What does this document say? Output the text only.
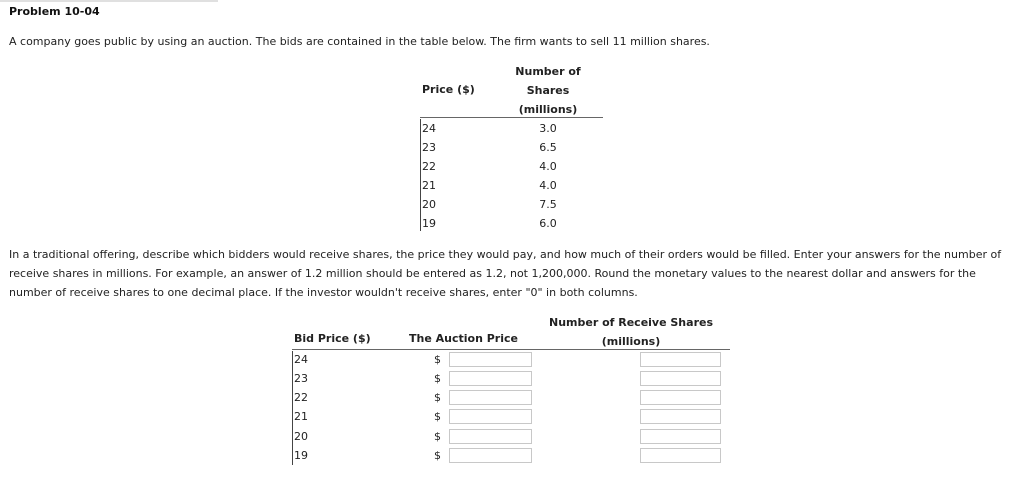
Problem 10-04
A company goes public by using an auction. The bids are contained in the table below. The firm wants to sell 11 million shares.
Price ($)
Number of
Shares
(millions)
24	3.0
23	6.5
22	4.0
21	4.0
20	7.5
19	6.0
In a traditional offering, describe which bidders would receive shares, the price they would pay, and how much of their orders would be filled. Enter your answers for the number of receive shares in millions. For example, an answer of 1.2 million should be entered as 1.2, not 1,200,000. Round the monetary values to the nearest dollar and answers for the number of receive shares to one decimal place. If the investor wouldn't receive shares, enter "0" in both columns.
Bid Price ($)	The Auction Price
Number of Receive Shares
(millions)
24	$
23	$
22	$
21	$
20	$
19	$
